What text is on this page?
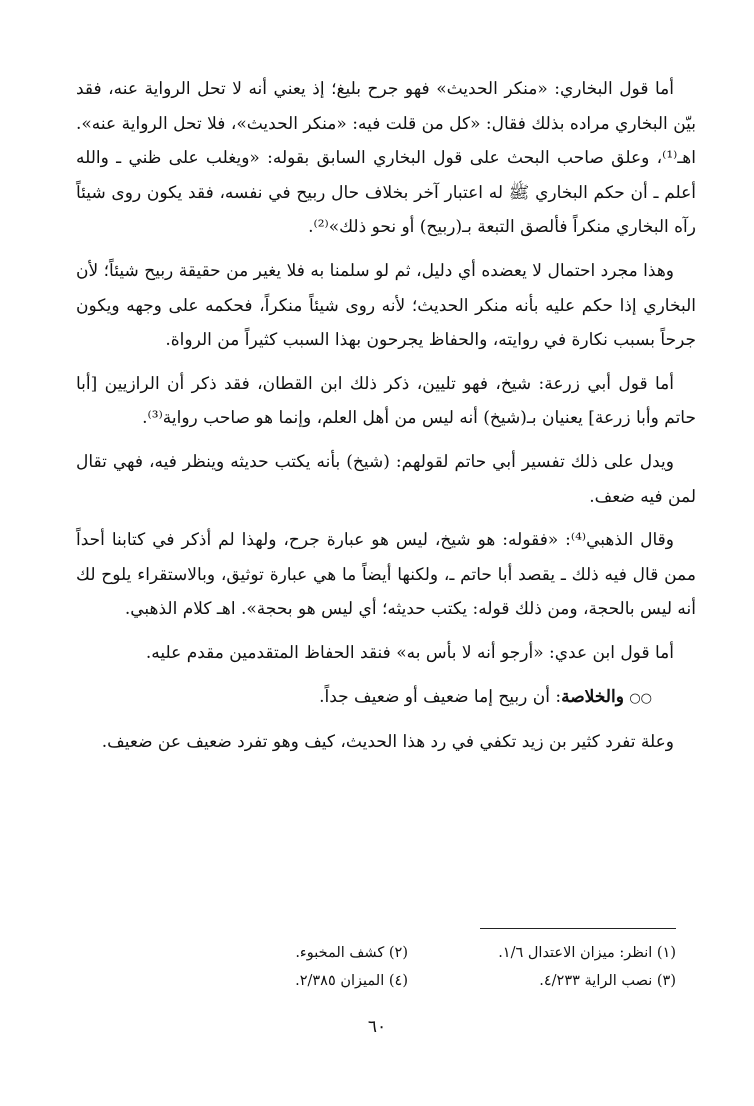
أما قول البخاري: «منكر الحديث» فهو جرح بليغ؛ إذ يعني أنه لا تحل الرواية عنه، فقد بيّن البخاري مراده بذلك فقال: «كل من قلت فيه: «منكر الحديث»، فلا تحل الرواية عنه». اهـ⁽¹⁾، وعلق صاحب البحث على قول البخاري السابق بقوله: «ويغلب على ظني ـ والله أعلم ـ أن حكم البخاري ﷺ له اعتبار آخر بخلاف حال ربيح في نفسه، فقد يكون روى شيئاً رآه البخاري منكراً فألصق التبعة بـ(ربيح) أو نحو ذلك»⁽²⁾.

وهذا مجرد احتمال لا يعضده أي دليل، ثم لو سلمنا به فلا يغير من حقيقة ربيح شيئاً؛ لأن البخاري إذا حكم عليه بأنه منكر الحديث؛ لأنه روى شيئاً منكراً، فحكمه على وجهه ويكون جرحاً بسبب نكارة في روايته، والحفاظ يجرحون بهذا السبب كثيراً من الرواة.

أما قول أبي زرعة: شيخ، فهو تليين، ذكر ذلك ابن القطان، فقد ذكر أن الرازيين [أبا حاتم وأبا زرعة] يعنيان بـ(شيخ) أنه ليس من أهل العلم، وإنما هو صاحب رواية⁽³⁾.

ويدل على ذلك تفسير أبي حاتم لقولهم: (شيخ) بأنه يكتب حديثه وينظر فيه، فهي تقال لمن فيه ضعف.

وقال الذهبي⁽⁴⁾: «فقوله: هو شيخ، ليس هو عبارة جرح، ولهذا لم أذكر في كتابنا أحداً ممن قال فيه ذلك ـ يقصد أبا حاتم ـ، ولكنها أيضاً ما هي عبارة توثيق، وبالاستقراء يلوح لك أنه ليس بالحجة، ومن ذلك قوله: يكتب حديثه؛ أي ليس هو بحجة». اهـ كلام الذهبي.

أما قول ابن عدي: «أرجو أنه لا بأس به» فنقد الحفاظ المتقدمين مقدم عليه.

○○ والخلاصة: أن ربيح إما ضعيف أو ضعيف جداً.

وعلة تفرد كثير بن زيد تكفي في رد هذا الحديث، كيف وهو تفرد ضعيف عن ضعيف.

(١) انظر: ميزان الاعتدال ١/٦.
(٢) كشف المخبوء.
(٣) نصب الراية ٤/٢٣٣.
(٤) الميزان ٢/٣٨٥.
٦٠
